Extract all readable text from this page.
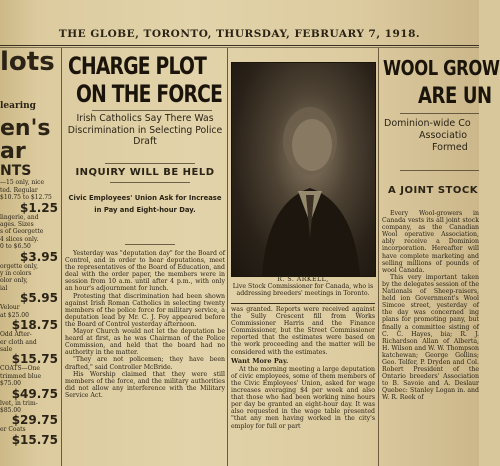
THE GLOBE, TORONTO, THURSDAY, FEBRUARY 7, 1918.
learing
lots
en's
ar
NTS
—15 only, nice
ted. Regular
$10.75 to $12.75
$1.25
lingerie, and
ages. Sizes
s of Georgette
4 slices only.
0 to $6.50
$3.95
orgette only,
y in colors
olor only,
ial
$5.95
Velour
at $25.00
$18.75
Odd After-
er cloth and
sale
$15.75
COATS—One
trimmed blue
$75.00
$49.75
lvet, in trim-
$85.00
$29.75
er Coats
$15.75
CHARGE PLOT
ON THE FORCE
Irish Catholics Say There Was Discrimination in Selecting Police Draft
INQUIRY WILL BE HELD
Civic Employees' Union Ask for Increase in Pay and Eight-hour Day.

Yesterday was "deputation day" for the Board of Control, and in order to hear deputations, meet the representatives of the Board of Education, and deal with the order paper, the members were in session from 10 a.m. until after 4 p.m., with only an hour's adjournment for lunch.

Protesting that discrimination had been shown against Irish Roman Catholics in selecting twenty members of the police force for military service, a deputation lead by Mr. C. J. Foy appeared before the Board of Control yesterday afternoon.

Mayor Church would not let the deputation be heard at first, as he was Chairman of the Police Commission, and held that the board had no authority in the matter.

"They are not policemen; they have been drafted," said Controller McBride.

His Worship claimed that they were still members of the force, and the military authorities did not allow any interference with the Military Service Act.

R. S. ARKELL,
Live Stock Commissioner for Canada, who is addressing breeders' meetings in Toronto.

was granted. Reports were received against the Sully Crescent fill from Works Commissioner Harris and the Finance Commissioner, but the Street Commissioner reported that the estimates were based on the work proceeding and the matter will be considered with the estimates.

Want More Pay.

At the morning meeting a large deputation of civic employees, some of them members of the Civic Employees' Union, asked for wage increases averaging $4 per week and also that those who had been working nine hours per day be granted an eight-hour day. It was also requested in the wage table presented "that any men having worked in the city's employ for full or part

WOOL GROW
ARE UN
Dominion-wide Co
Associatio
Formed
A JOINT STOCK

Every Wool-growers in Canada vests its all joint stock company, as the Canadian Wool operative Association, ably receive a Dominion incorporation. Hereafter will have complete marketing and selling millions of pounds of wool Canada.

This very important taken by the delegates session of the Nationals of Sheep-raisers, held ion Government's Wool Simcoe street, yesterday of the day was concerned ing plans for promoting pany, but finally a committee sisting of C. C. Hayes, bia; R. J. Richardson Allan of Alberta, H. Wilson and W. W. Thompson katchewan; George Gollins; Geo. Telfer, P. Dryden and Col. Robert President of the Ontario breeders' Association to B. Savoie and A. Deslaur Quebec: Stanley Logan in. and W. R. Reek of
